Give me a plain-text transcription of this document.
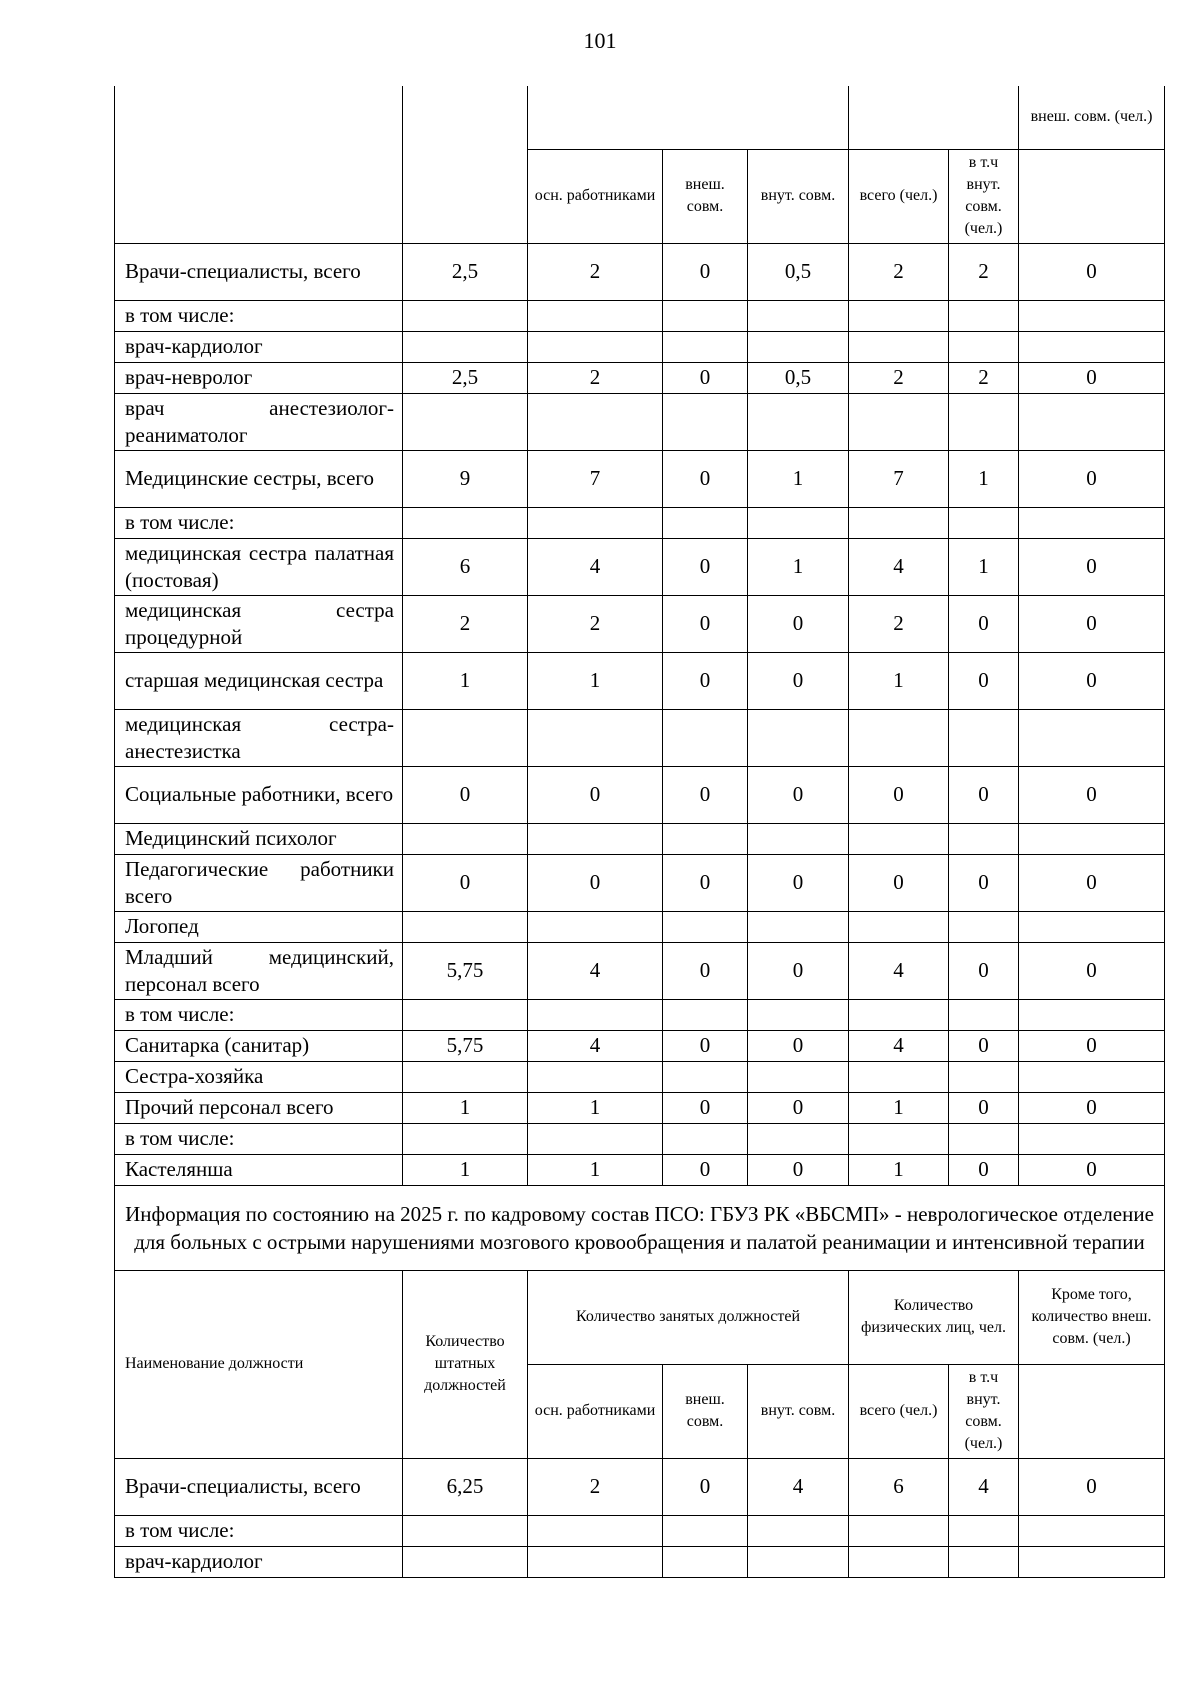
101
							внеш. совм. (чел.)
		осн. работниками	внеш. совм.	внут. совм.	всего (чел.)	в т.ч внут. совм. (чел.)	
Врачи-специалисты, всего	2,5	2	0	0,5	2	2	0
в том числе:							
врач-кардиолог							
врач-невролог	2,5	2	0	0,5	2	2	0
врач анестезиолог-реаниматолог							
Медицинские сестры, всего	9	7	0	1	7	1	0
в том числе:							
медицинская сестра палатная (постовая)	6	4	0	1	4	1	0
медицинская сестра процедурной	2	2	0	0	2	0	0
старшая медицинская сестра	1	1	0	0	1	0	0
медицинская сестра-анестезистка							
Социальные работники, всего	0	0	0	0	0	0	0
Медицинский психолог							
Педагогические работники всего	0	0	0	0	0	0	0
Логопед							
Младший медицинский, персонал всего	5,75	4	0	0	4	0	0
в том числе:							
Санитарка (санитар)	5,75	4	0	0	4	0	0
Сестра-хозяйка							
Прочий персонал всего	1	1	0	0	1	0	0
в том числе:							
Кастелянша	1	1	0	0	1	0	0
Информация по состоянию на 2025 г. по кадровому состав ПСО: ГБУЗ РК «ВБСМП» - неврологическое отделение для больных с острыми нарушениями мозгового кровообращения и палатой реанимации и интенсивной терапии							
Наименование должности	Количество штатных должностей	Количество занятых должностей			Количество физических лиц, чел.		Кроме того, количество внеш. совм. (чел.)
		осн. работниками	внеш. совм.	внут. совм.	всего (чел.)	в т.ч внут. совм. (чел.)	
Врачи-специалисты, всего	6,25	2	0	4	6	4	0
в том числе:							
врач-кардиолог							
